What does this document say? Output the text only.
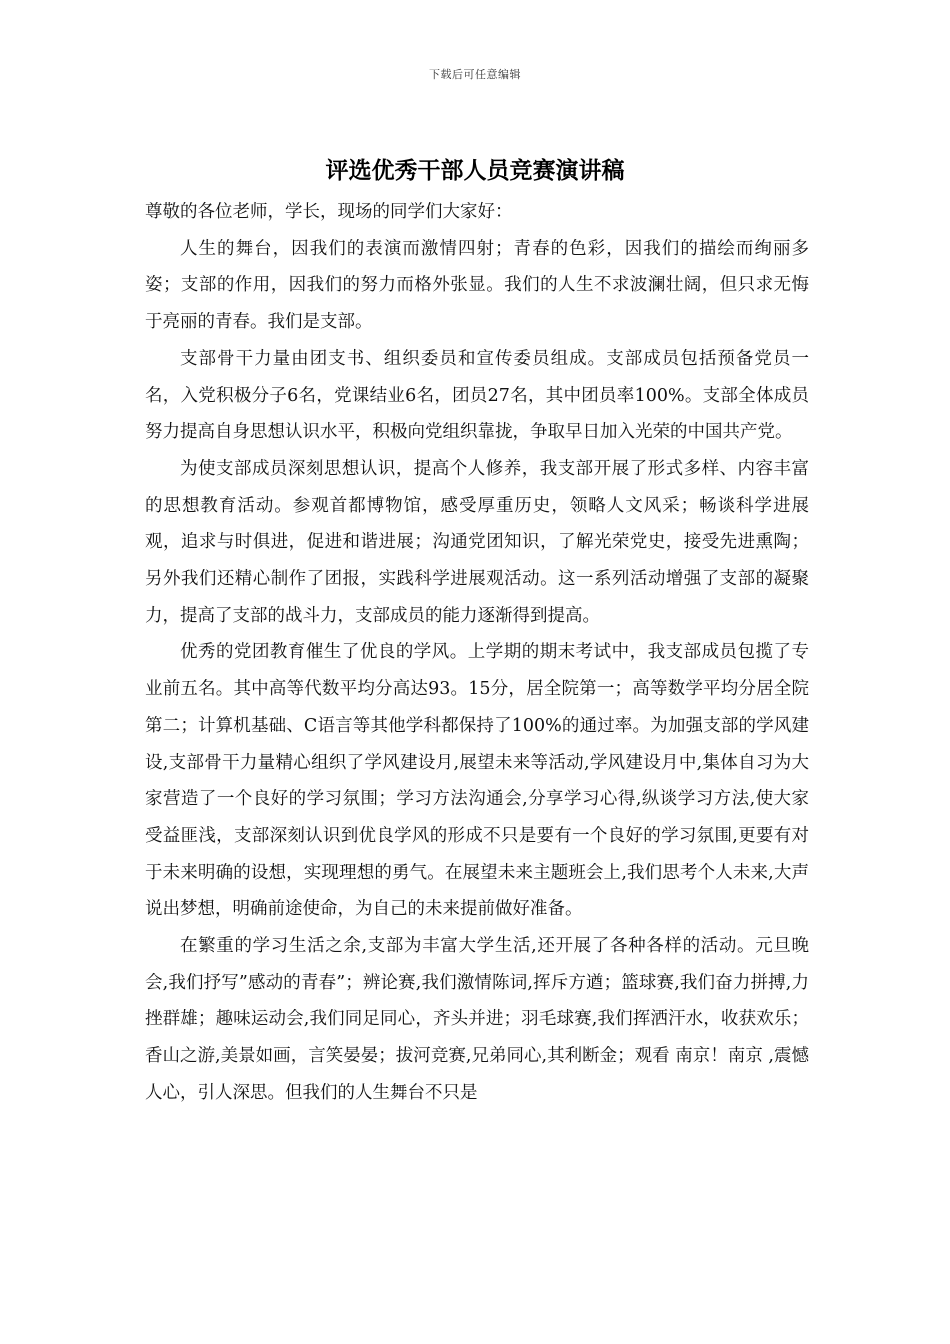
下载后可任意编辑
评选优秀干部人员竞赛演讲稿

尊敬的各位老师，学长，现场的同学们大家好：

人生的舞台，因我们的表演而激情四射；青春的色彩，因我们的描绘而绚丽多姿；支部的作用，因我们的努力而格外张显。我们的人生不求波澜壮阔，但只求无悔于亮丽的青春。我们是支部。

支部骨干力量由团支书、组织委员和宣传委员组成。支部成员包括预备党员一名，入党积极分子6名，党课结业6名，团员27名，其中团员率100%。支部全体成员努力提高自身思想认识水平，积极向党组织靠拢，争取早日加入光荣的中国共产党。

为使支部成员深刻思想认识，提高个人修养，我支部开展了形式多样、内容丰富的思想教育活动。参观首都博物馆，感受厚重历史，领略人文风采；畅谈科学进展观，追求与时俱进，促进和谐进展；沟通党团知识，了解光荣党史，接受先进熏陶；另外我们还精心制作了团报，实践科学进展观活动。这一系列活动增强了支部的凝聚力，提高了支部的战斗力，支部成员的能力逐渐得到提高。

优秀的党团教育催生了优良的学风。上学期的期末考试中，我支部成员包揽了专业前五名。其中高等代数平均分高达93。15分，居全院第一；高等数学平均分居全院第二；计算机基础、C语言等其他学科都保持了100%的通过率。为加强支部的学风建设,支部骨干力量精心组织了学风建设月,展望未来等活动,学风建设月中,集体自习为大家营造了一个良好的学习氛围；学习方法沟通会,分享学习心得,纵谈学习方法,使大家受益匪浅，支部深刻认识到优良学风的形成不只是要有一个良好的学习氛围,更要有对于未来明确的设想，实现理想的勇气。在展望未来主题班会上,我们思考个人未来,大声说出梦想，明确前途使命，为自己的未来提前做好准备。

在繁重的学习生活之余,支部为丰富大学生活,还开展了各种各样的活动。元旦晚会,我们抒写”感动的青春”；辨论赛,我们激情陈词,挥斥方遒；篮球赛,我们奋力拼搏,力挫群雄；趣味运动会,我们同足同心，齐头并进；羽毛球赛,我们挥洒汗水，收获欢乐；香山之游,美景如画，言笑晏晏；拔河竞赛,兄弟同心,其利断金；观看 南京！南京 ,震憾人心，引人深思。但我们的人生舞台不只是
